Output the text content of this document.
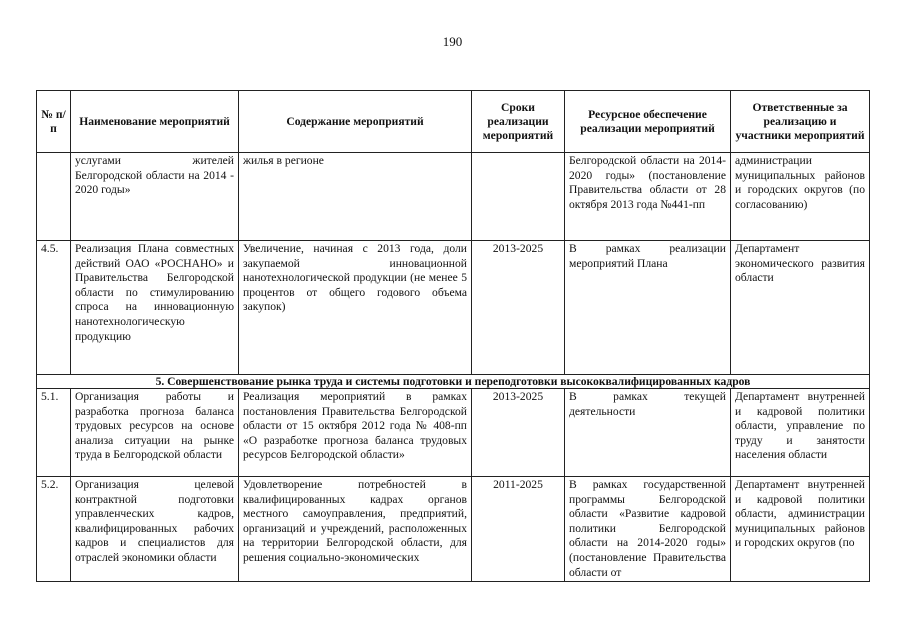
190
№ п/п	Наименование мероприятий	Содержание мероприятий	Сроки реализации мероприятий	Ресурсное обеспечение реализации мероприятий	Ответственные за реализацию и участники мероприятий
	услугами жителей Белгородской области на 2014 - 2020 годы»	жилья в регионе		Белгородской области на 2014-2020 годы» (постановление Правительства области от 28 октября 2013 года №441-пп	администрации муниципальных районов и городских округов (по согласованию)
4.5.	Реализация Плана совместных действий ОАО «РОСНАНО» и Правительства Белгородской области по стимулированию спроса на инновационную нанотехнологическую продукцию	Увеличение, начиная с 2013 года, доли закупаемой инновационной нанотехнологической продукции (не менее 5 процентов от общего годового объема закупок)	2013-2025	В рамках реализации мероприятий Плана	Департамент экономического развития области
5. Совершенствование рынка труда и системы подготовки и переподготовки высококвалифицированных кадров					
5.1.	Организация работы и разработка прогноза баланса трудовых ресурсов на основе анализа ситуации на рынке труда в Белгородской области	Реализация мероприятий в рамках постановления Правительства Белгородской области от 15 октября 2012 года № 408-пп «О разработке прогноза баланса трудовых ресурсов Белгородской области»	2013-2025	В рамках текущей деятельности	Департамент внутренней и кадровой политики области, управление по труду и занятости населения области
5.2.	Организация целевой контрактной подготовки управленческих кадров, квалифицированных рабочих кадров и специалистов для отраслей экономики области	Удовлетворение потребностей в квалифицированных кадрах органов местного самоуправления, предприятий, организаций и учреждений, расположенных на территории Белгородской области, для решения социально-экономических	2011-2025	В рамках государственной программы Белгородской области «Развитие кадровой политики Белгородской области на 2014-2020 годы» (постановление Правительства области от	Департамент внутренней и кадровой политики области, администрации муниципальных районов и городских округов (по
